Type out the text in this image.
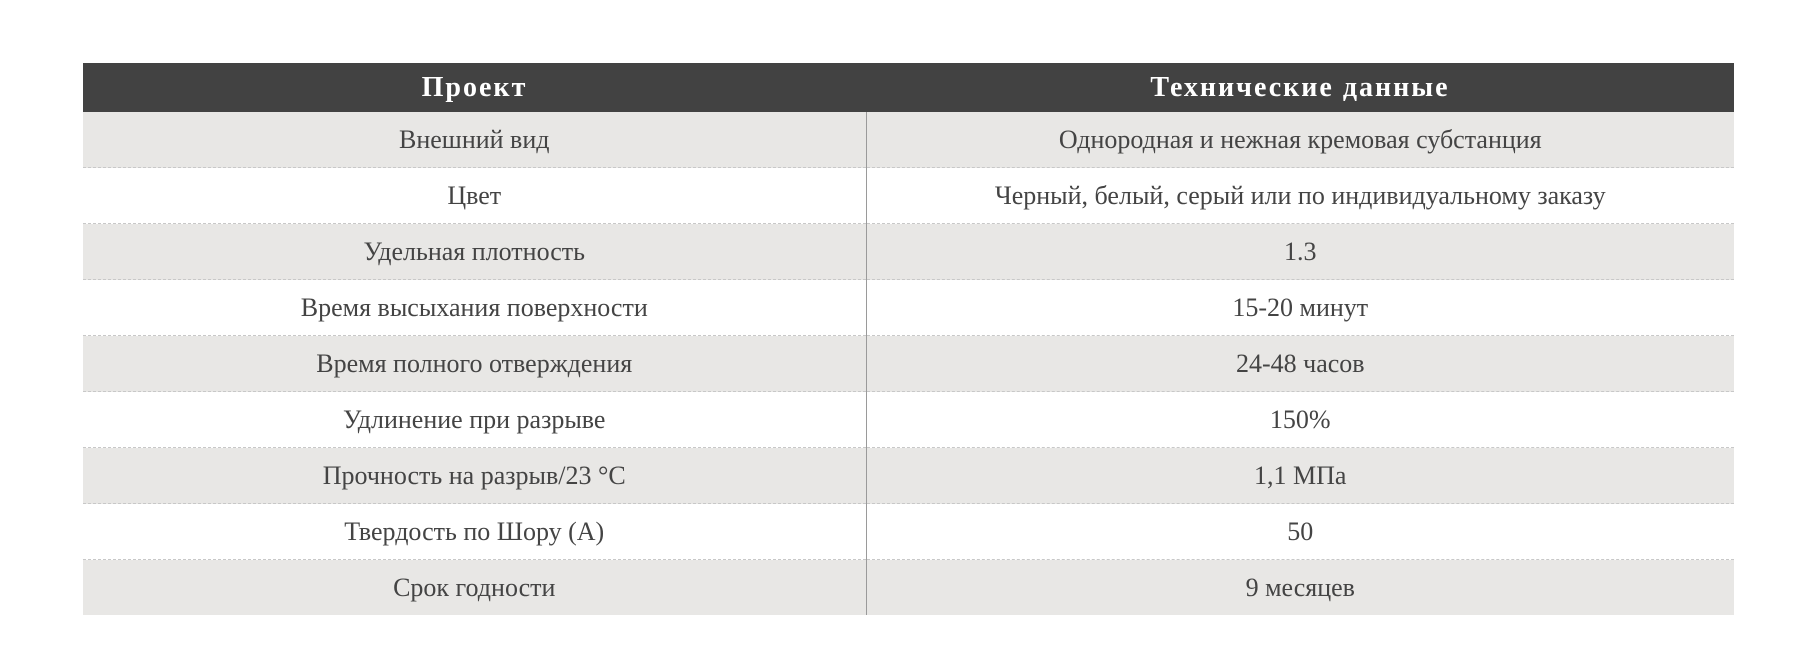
Проект	Технические данные
Внешний вид	Однородная и нежная кремовая субстанция
Цвет	Черный, белый, серый или по индивидуальному заказу
Удельная плотность	1.3
Время высыхания поверхности	15-20 минут
Время полного отверждения	24-48 часов
Удлинение при разрыве	150%
Прочность на разрыв/23 °C	1,1 МПа
Твердость по Шору (А)	50
Срок годности	9 месяцев
